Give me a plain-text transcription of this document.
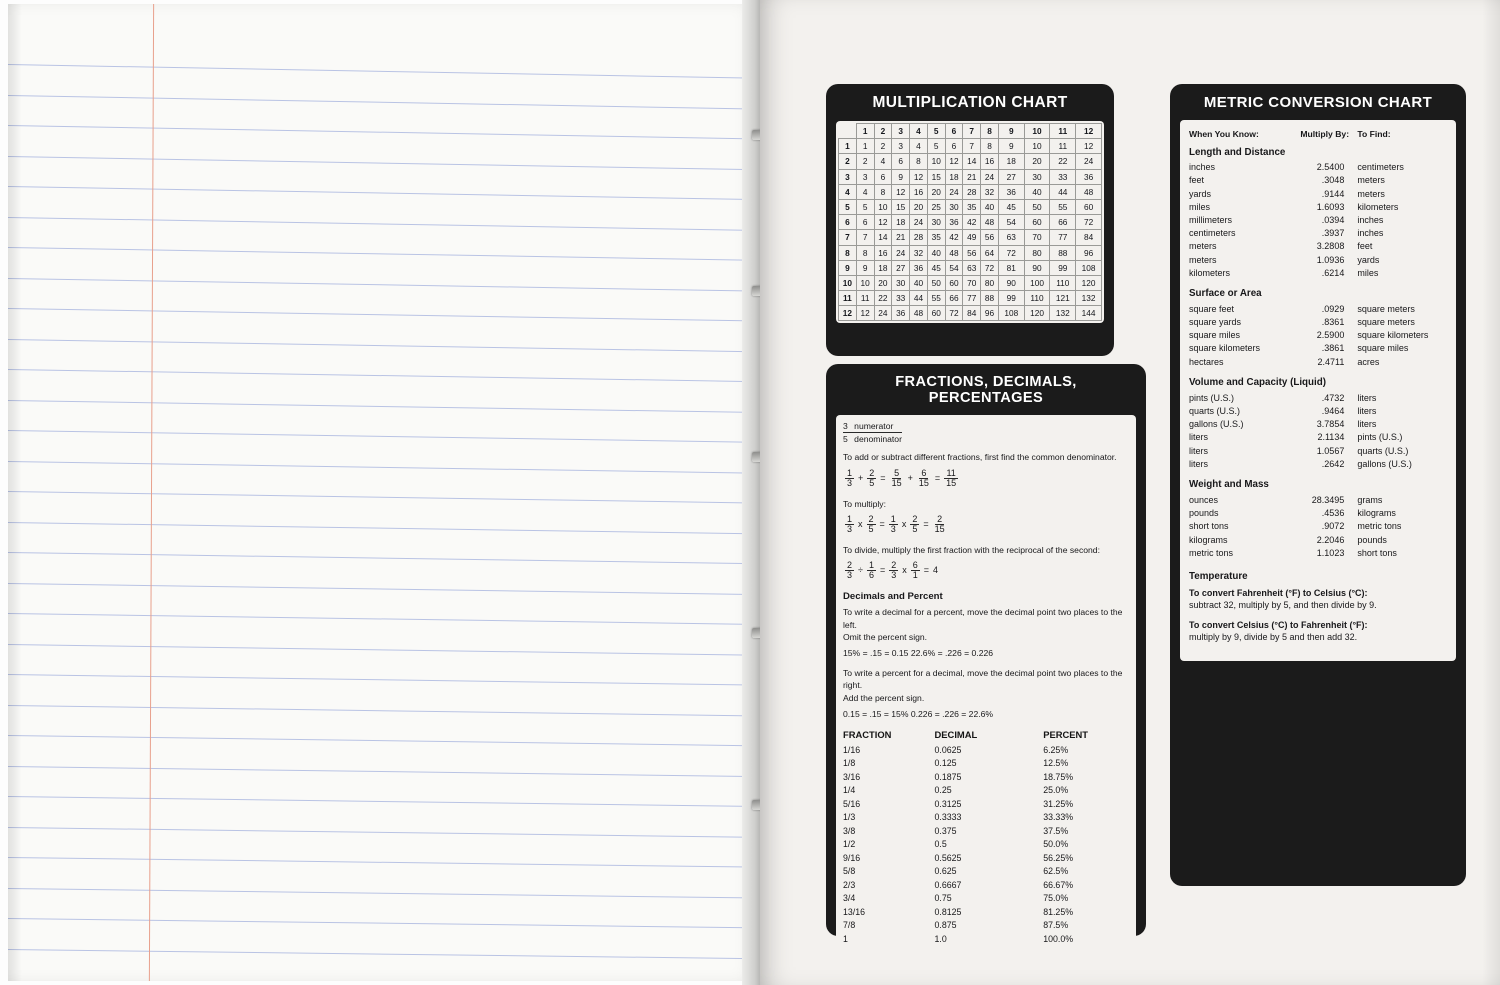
MULTIPLICATION CHART
	1	2	3	4	5	6	7	8	9	10	11	12
1	1	2	3	4	5	6	7	8	9	10	11	12
2	2	4	6	8	10	12	14	16	18	20	22	24
3	3	6	9	12	15	18	21	24	27	30	33	36
4	4	8	12	16	20	24	28	32	36	40	44	48
5	5	10	15	20	25	30	35	40	45	50	55	60
6	6	12	18	24	30	36	42	48	54	60	66	72
7	7	14	21	28	35	42	49	56	63	70	77	84
8	8	16	24	32	40	48	56	64	72	80	88	96
9	9	18	27	36	45	54	63	72	81	90	99	108
10	10	20	30	40	50	60	70	80	90	100	110	120
11	11	22	33	44	55	66	77	88	99	110	121	132
12	12	24	36	48	60	72	84	96	108	120	132	144
FRACTIONS, DECIMALS, PERCENTAGES
3 numerator
5 denominator

To add or subtract different fractions, first find the common denominator.

$\frac{1}{3} + \frac{2}{5} = \frac{5}{15} + \frac{6}{15} = \frac{11}{15}$

To multiply:

$\frac{1}{3}$ x $\frac{2}{5} = \frac{1}{3}$ x $\frac{2}{5} = \frac{2}{15}$

To divide, multiply the first fraction with the reciprocal of the second:

$\frac{2}{3} \div \frac{1}{6} = \frac{2}{3}$ x $\frac{6}{1} = 4$
Decimals and Percent
To write a decimal for a percent, move the decimal point two places to the left.
Omit the percent sign.
15% = .15 = 0.15 22.6% = .226 = 0.226
To write a percent for a decimal, move the decimal point two places to the right.
Add the percent sign.
0.15 = .15 = 15% 0.226 = .226 = 22.6%
FRACTION	DECIMAL	PERCENT
1/16	0.0625	6.25%
1/8	0.125	12.5%
3/16	0.1875	18.75%
1/4	0.25	25.0%
5/16	0.3125	31.25%
1/3	0.3333	33.33%
3/8	0.375	37.5%
1/2	0.5	50.0%
9/16	0.5625	56.25%
5/8	0.625	62.5%
2/3	0.6667	66.67%
3/4	0.75	75.0%
13/16	0.8125	81.25%
7/8	0.875	87.5%
1	1.0	100.0%
METRIC CONVERSION CHART
When You Know:	Multiply By:	To Find:
Length and Distance		
inches	2.5400	centimeters
feet	.3048	meters
yards	.9144	meters
miles	1.6093	kilometers
millimeters	.0394	inches
centimeters	.3937	inches
meters	3.2808	feet
meters	1.0936	yards
kilometers	.6214	miles
Surface or Area		
square feet	.0929	square meters
square yards	.8361	square meters
square miles	2.5900	square kilometers
square kilometers	.3861	square miles
hectares	2.4711	acres
Volume and Capacity (Liquid)		
pints (U.S.)	.4732	liters
quarts (U.S.)	.9464	liters
gallons (U.S.)	3.7854	liters
liters	2.1134	pints (U.S.)
liters	1.0567	quarts (U.S.)
liters	.2642	gallons (U.S.)
Weight and Mass		
ounces	28.3495	grams
pounds	.4536	kilograms
short tons	.9072	metric tons
kilograms	2.2046	pounds
metric tons	1.1023	short tons
Temperature
To convert Fahrenheit (°F) to Celsius (°C):
subtract 32, multiply by 5, and then divide by 9.
To convert Celsius (°C) to Fahrenheit (°F):
multiply by 9, divide by 5 and then add 32.
